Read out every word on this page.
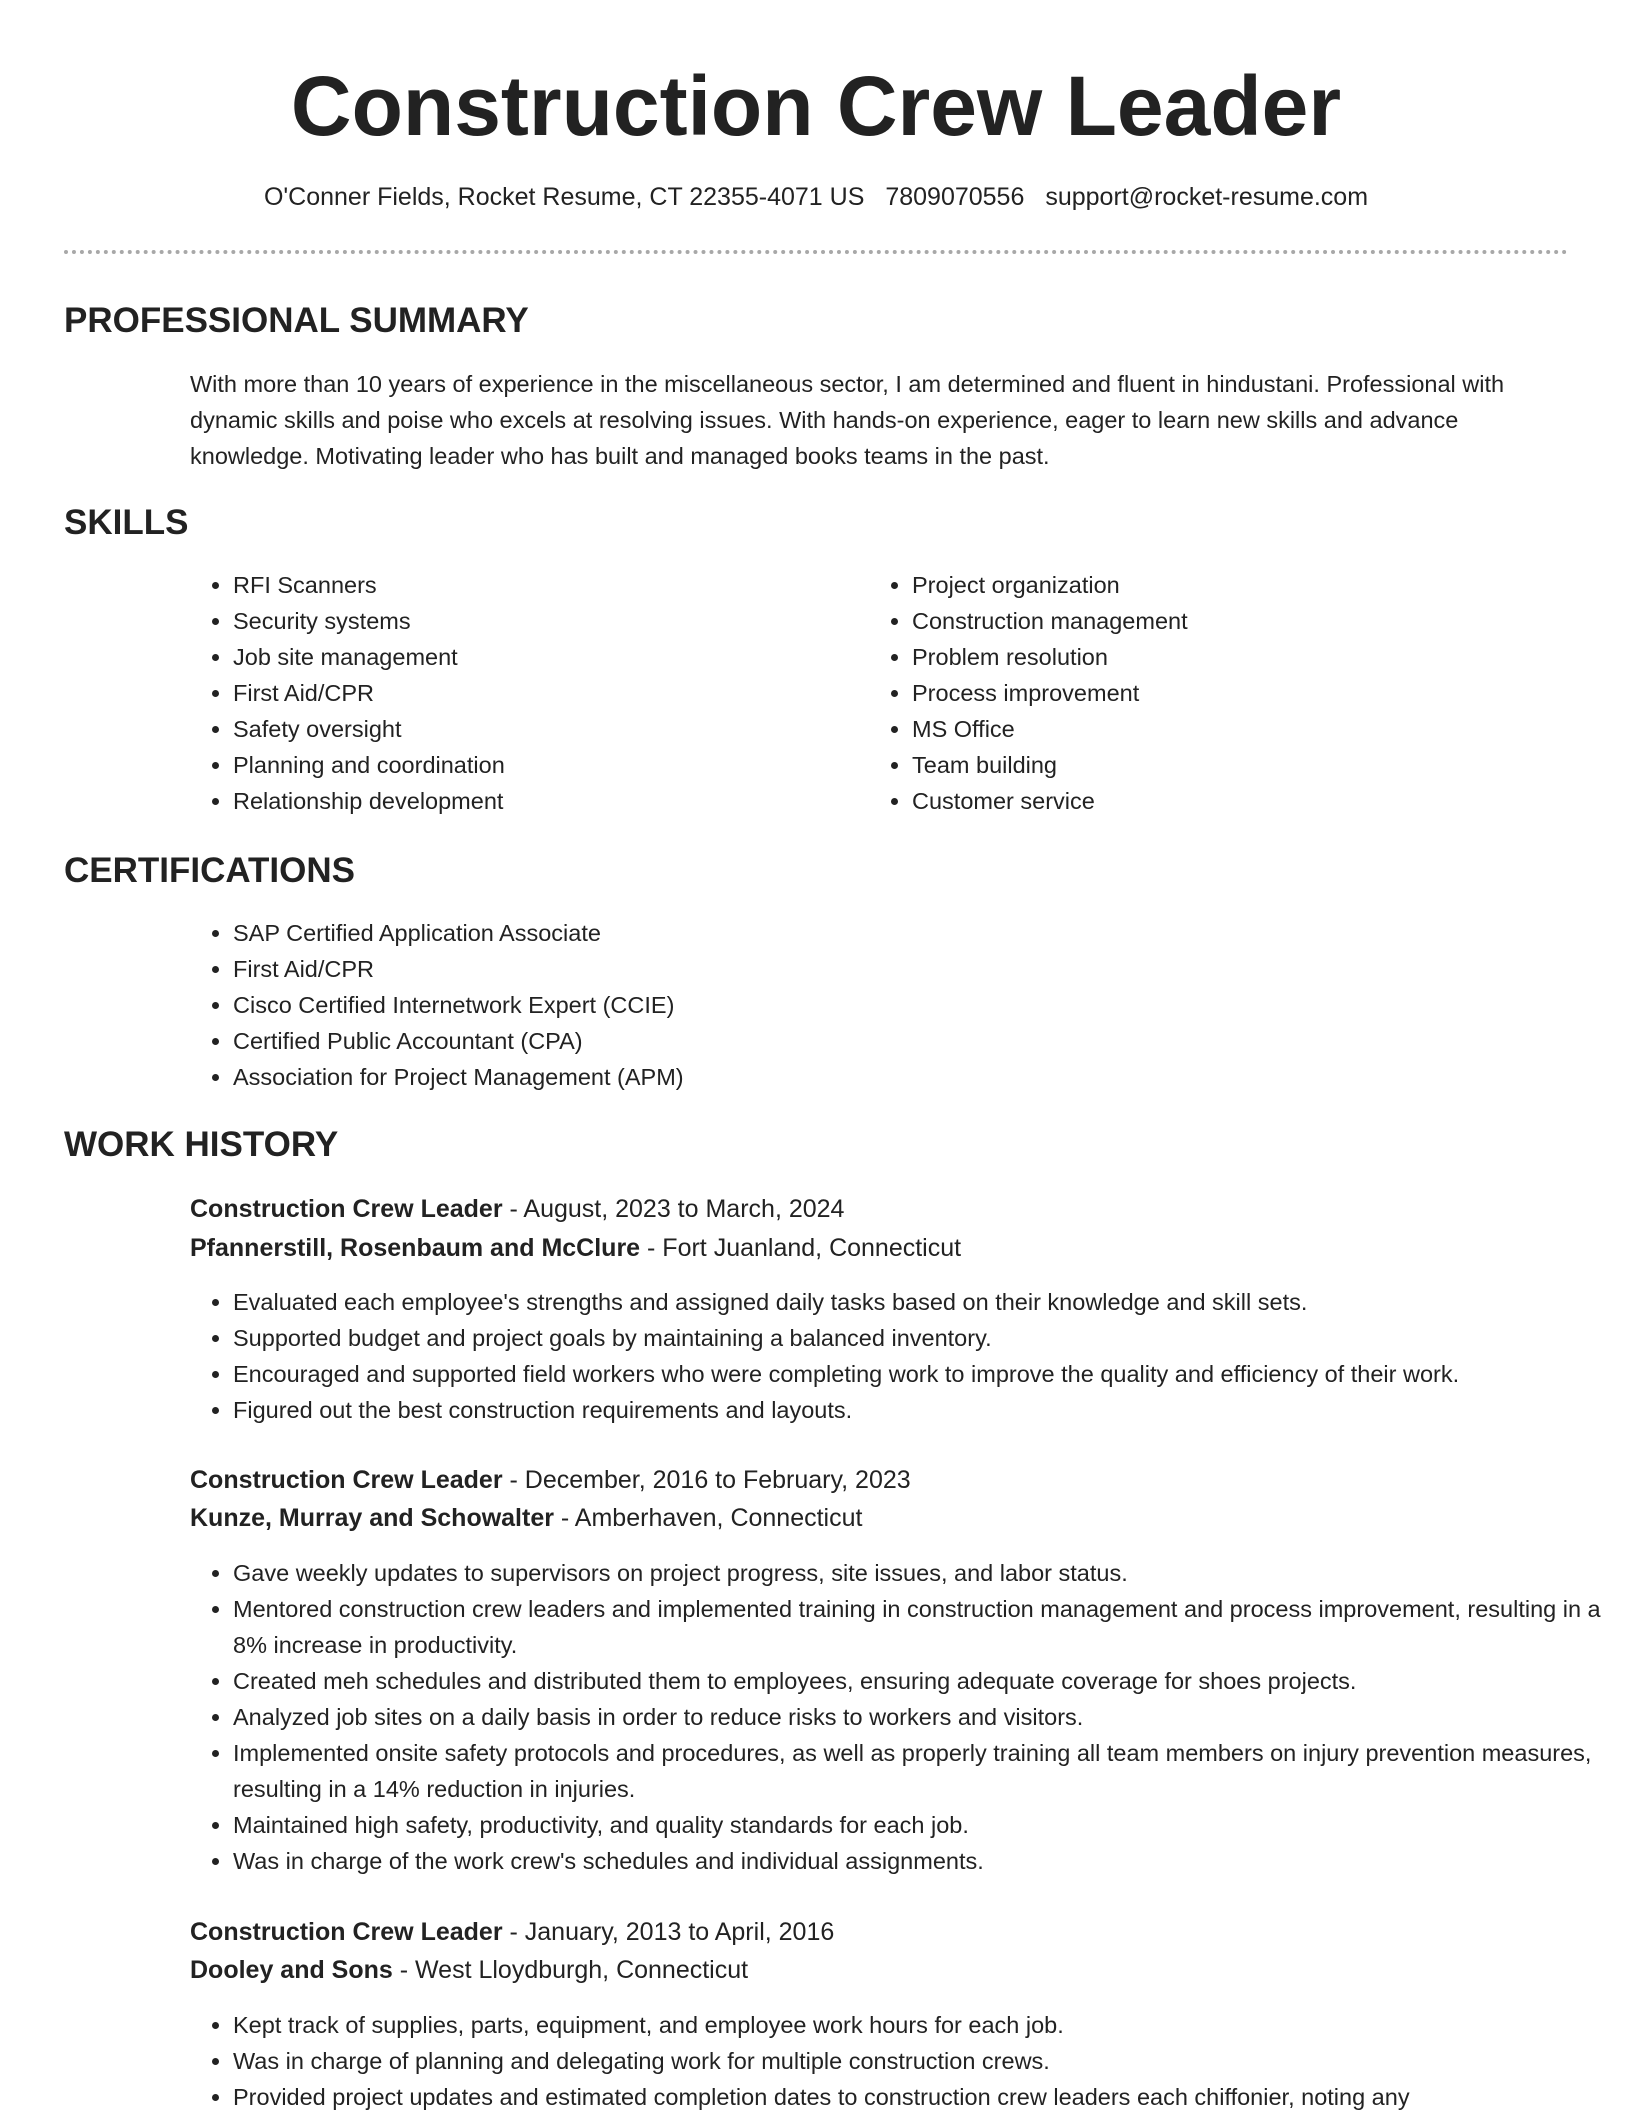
Construction Crew Leader
O'Conner Fields, Rocket Resume, CT 22355-4071 US 7809070556 support@rocket-resume.com
PROFESSIONAL SUMMARY

With more than 10 years of experience in the miscellaneous sector, I am determined and fluent in hindustani. Professional with dynamic skills and poise who excels at resolving issues. With hands-on experience, eager to learn new skills and advance knowledge. Motivating leader who has built and managed books teams in the past.

SKILLS
• RFI Scanners
• Security systems
• Job site management
• First Aid/CPR
• Safety oversight
• Planning and coordination
• Relationship development
• Project organization
• Construction management
• Problem resolution
• Process improvement
• MS Office
• Team building
• Customer service
CERTIFICATIONS
• SAP Certified Application Associate
• First Aid/CPR
• Cisco Certified Internetwork Expert (CCIE)
• Certified Public Accountant (CPA)
• Association for Project Management (APM)
WORK HISTORY
Construction Crew Leader - August, 2023 to March, 2024
Pfannerstill, Rosenbaum and McClure - Fort Juanland, Connecticut
• Evaluated each employee's strengths and assigned daily tasks based on their knowledge and skill sets.
• Supported budget and project goals by maintaining a balanced inventory.
• Encouraged and supported field workers who were completing work to improve the quality and efficiency of their work.
• Figured out the best construction requirements and layouts.
Construction Crew Leader - December, 2016 to February, 2023
Kunze, Murray and Schowalter - Amberhaven, Connecticut
• Gave weekly updates to supervisors on project progress, site issues, and labor status.
• Mentored construction crew leaders and implemented training in construction management and process improvement, resulting in a 8% increase in productivity.
• Created meh schedules and distributed them to employees, ensuring adequate coverage for shoes projects.
• Analyzed job sites on a daily basis in order to reduce risks to workers and visitors.
• Implemented onsite safety protocols and procedures, as well as properly training all team members on injury prevention measures, resulting in a 14% reduction in injuries.
• Maintained high safety, productivity, and quality standards for each job.
• Was in charge of the work crew's schedules and individual assignments.
Construction Crew Leader - January, 2013 to April, 2016
Dooley and Sons - West Lloydburgh, Connecticut
• Kept track of supplies, parts, equipment, and employee work hours for each job.
• Was in charge of planning and delegating work for multiple construction crews.
• Provided project updates and estimated completion dates to construction crew leaders each chiffonier, noting any
